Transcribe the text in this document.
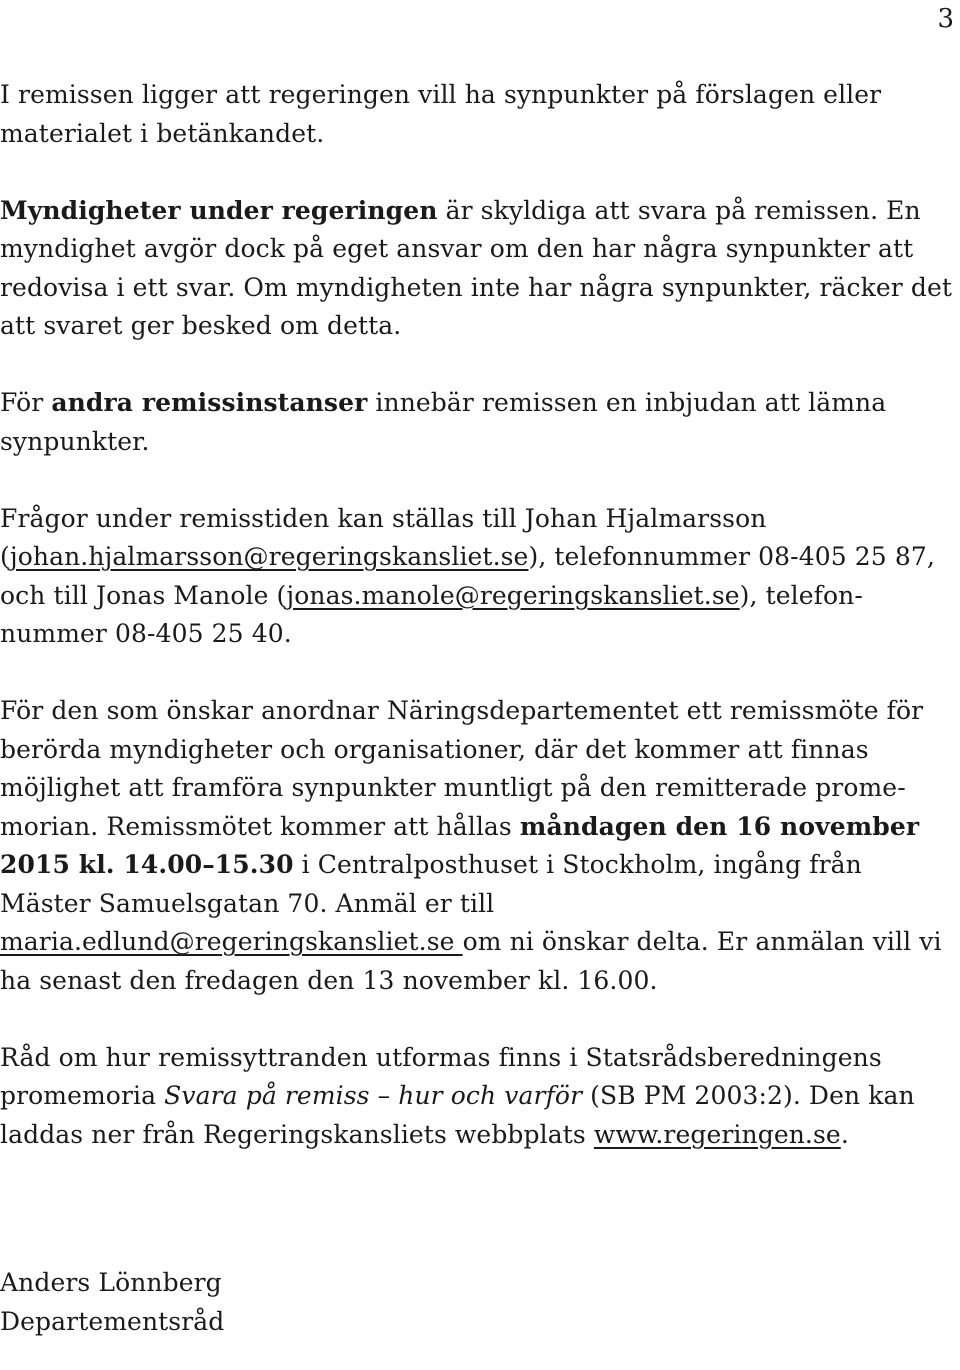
3

I remissen ligger att regeringen vill ha synpunkter på förslagen eller materialet i betänkandet.

Myndigheter under regeringen är skyldiga att svara på remissen. En myndighet avgör dock på eget ansvar om den har några synpunkter att redovisa i ett svar. Om myndigheten inte har några synpunkter, räcker det att svaret ger besked om detta.

För andra remissinstanser innebär remissen en inbjudan att lämna synpunkter.

Frågor under remisstiden kan ställas till Johan Hjalmarsson (johan.hjalmarsson@regeringskansliet.se), telefonnummer 08-405 25 87, och till Jonas Manole (jonas.manole@regeringskansliet.se), telefon-nummer 08-405 25 40.

För den som önskar anordnar Näringsdepartementet ett remissmöte för berörda myndigheter och organisationer, där det kommer att finnas möjlighet att framföra synpunkter muntligt på den remitterade prome-morian. Remissmötet kommer att hållas måndagen den 16 november 2015 kl. 14.00–15.30 i Centralposthuset i Stockholm, ingång från Mäster Samuelsgatan 70. Anmäl er till maria.edlund@regeringskansliet.se om ni önskar delta. Er anmälan vill vi ha senast den fredagen den 13 november kl. 16.00.

Råd om hur remissyttranden utformas finns i Statsrådsberedningens promemoria Svara på remiss – hur och varför (SB PM 2003:2). Den kan laddas ner från Regeringskansliets webbplats www.regeringen.se.

Anders Lönnberg
Departementsråd
